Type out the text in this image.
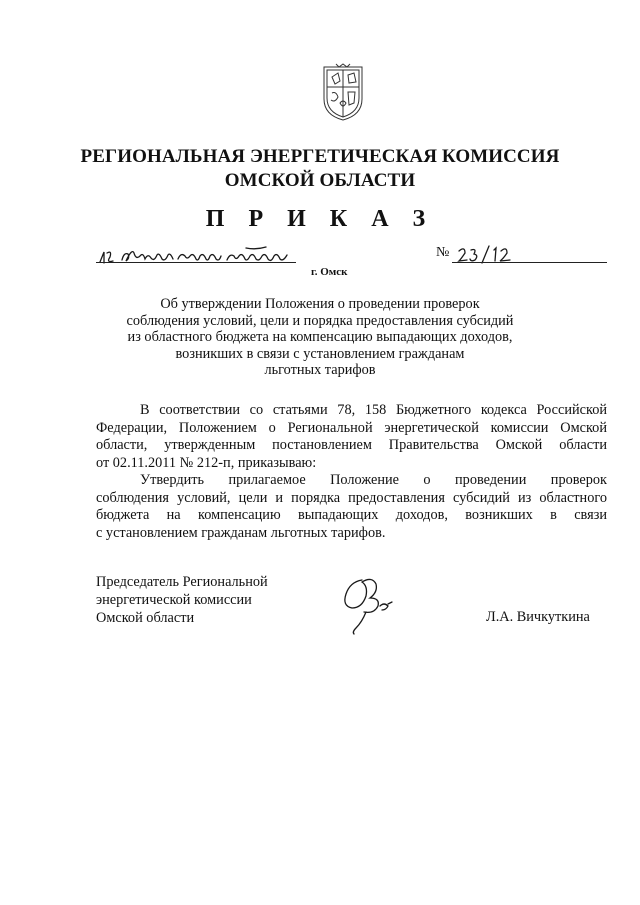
РЕГИОНАЛЬНАЯ ЭНЕРГЕТИЧЕСКАЯ КОМИССИЯ
ОМСКОЙ ОБЛАСТИ
П Р И К А З
№
г. Омск
Об утверждении Положения о проведении проверок
соблюдения условий, цели и порядка предоставления субсидий
из областного бюджета на компенсацию выпадающих доходов,
возникших в связи с установлением гражданам
льготных тарифов
В соответствии со статьями 78, 158 Бюджетного кодекса Российской
Федерации, Положением о Региональной энергетической комиссии Омской
области, утвержденным постановлением Правительства Омской области
от 02.11.2011 № 212-п, приказываю:
Утвердить прилагаемое Положение о проведении проверок
соблюдения условий, цели и порядка предоставления субсидий из областного
бюджета на компенсацию выпадающих доходов, возникших в связи
с установлением гражданам льготных тарифов.
Председатель Региональной
энергетической комиссии
Омской области	Л.А. Вичкуткина
